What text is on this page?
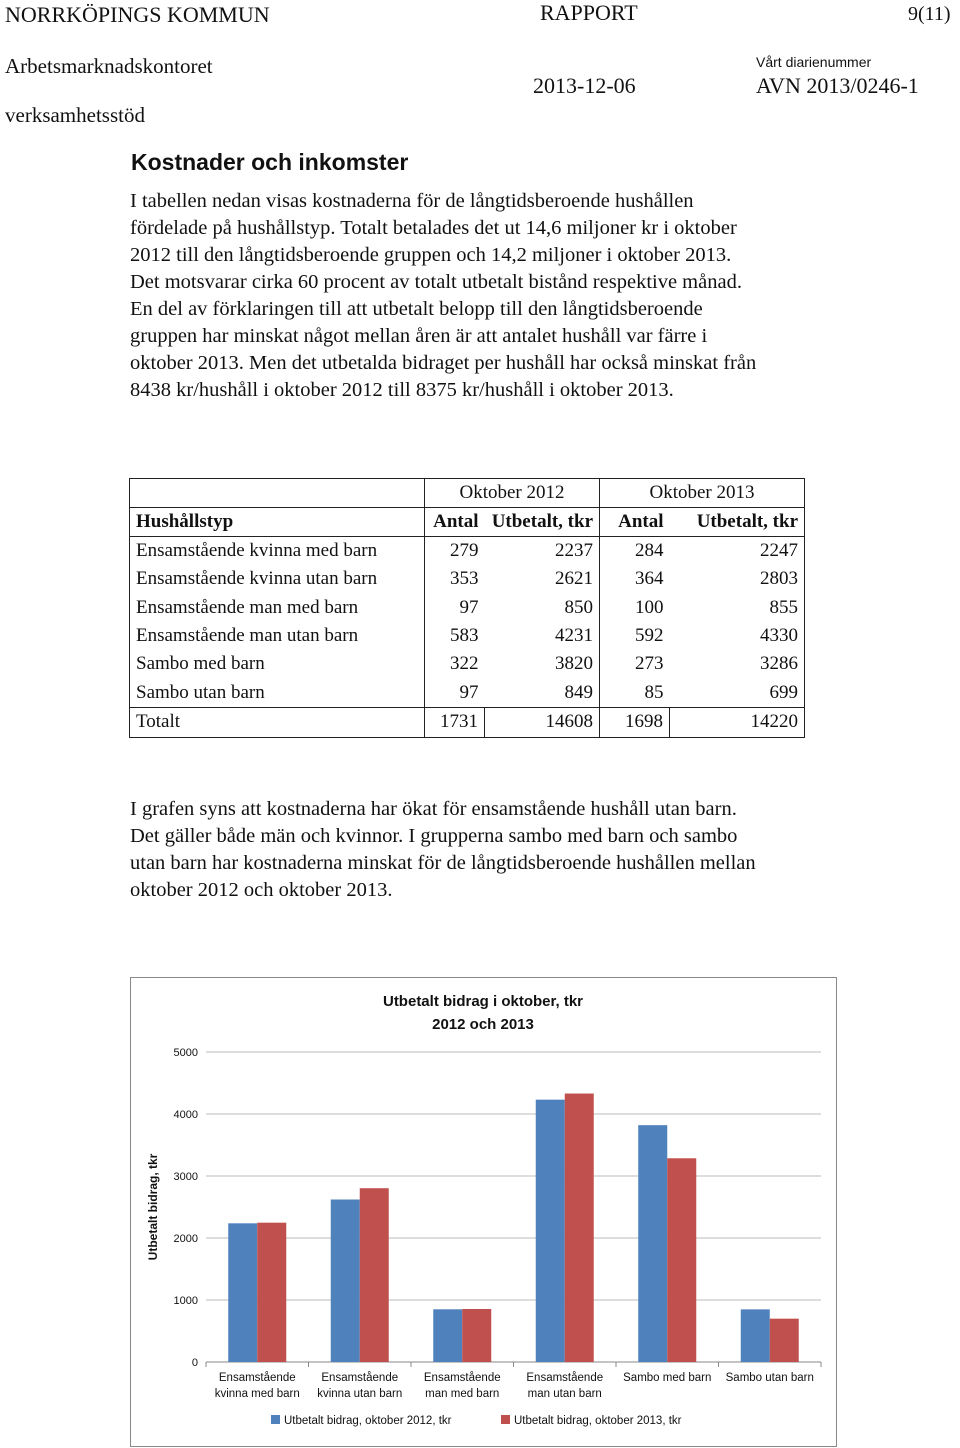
NORRKÖPINGS KOMMUN	RAPPORT	9(11)
Arbetsmarknadskontoret	Vårt diarienummer
2013-12-06	AVN 2013/0246-1
verksamhetsstöd
Kostnader och inkomster
I tabellen nedan visas kostnaderna för de långtidsberoende hushållen
fördelade på hushållstyp. Totalt betalades det ut 14,6 miljoner kr i oktober
2012 till den långtidsberoende gruppen och 14,2 miljoner i oktober 2013.
Det motsvarar cirka 60 procent av totalt utbetalt bistånd respektive månad.
En del av förklaringen till att utbetalt belopp till den långtidsberoende
gruppen har minskat något mellan åren är att antalet hushåll var färre i
oktober 2013. Men det utbetalda bidraget per hushåll har också minskat från
8438 kr/hushåll i oktober 2012 till 8375 kr/hushåll i oktober 2013.
	Oktober 2012		Oktober 2013	
Hushållstyp	Antal	Utbetalt, tkr	Antal	Utbetalt, tkr
Ensamstående kvinna med barn	279	2237	284	2247
Ensamstående kvinna utan barn	353	2621	364	2803
Ensamstående man med barn	97	850	100	855
Ensamstående man utan barn	583	4231	592	4330
Sambo med barn	322	3820	273	3286
Sambo utan barn	97	849	85	699
Totalt	1731	14608	1698	14220
I grafen syns att kostnaderna har ökat för ensamstående hushåll utan barn.
Det gäller både män och kvinnor. I grupperna sambo med barn och sambo
utan barn har kostnaderna minskat för de långtidsberoende hushållen mellan
oktober 2012 och oktober 2013.
Utbetalt bidrag i oktober, tkr
2012 och 2013
0
1000
2000
3000
4000
5000
Utbetalt bidrag, tkr
Ensamstående
kvinna med barn
Ensamstående
kvinna utan barn
Ensamstående
man med barn
Ensamstående
man utan barn
Sambo med barn Sambo utan barn
Utbetalt bidrag, oktober 2012, tkr	Utbetalt bidrag, oktober 2013, tkr
